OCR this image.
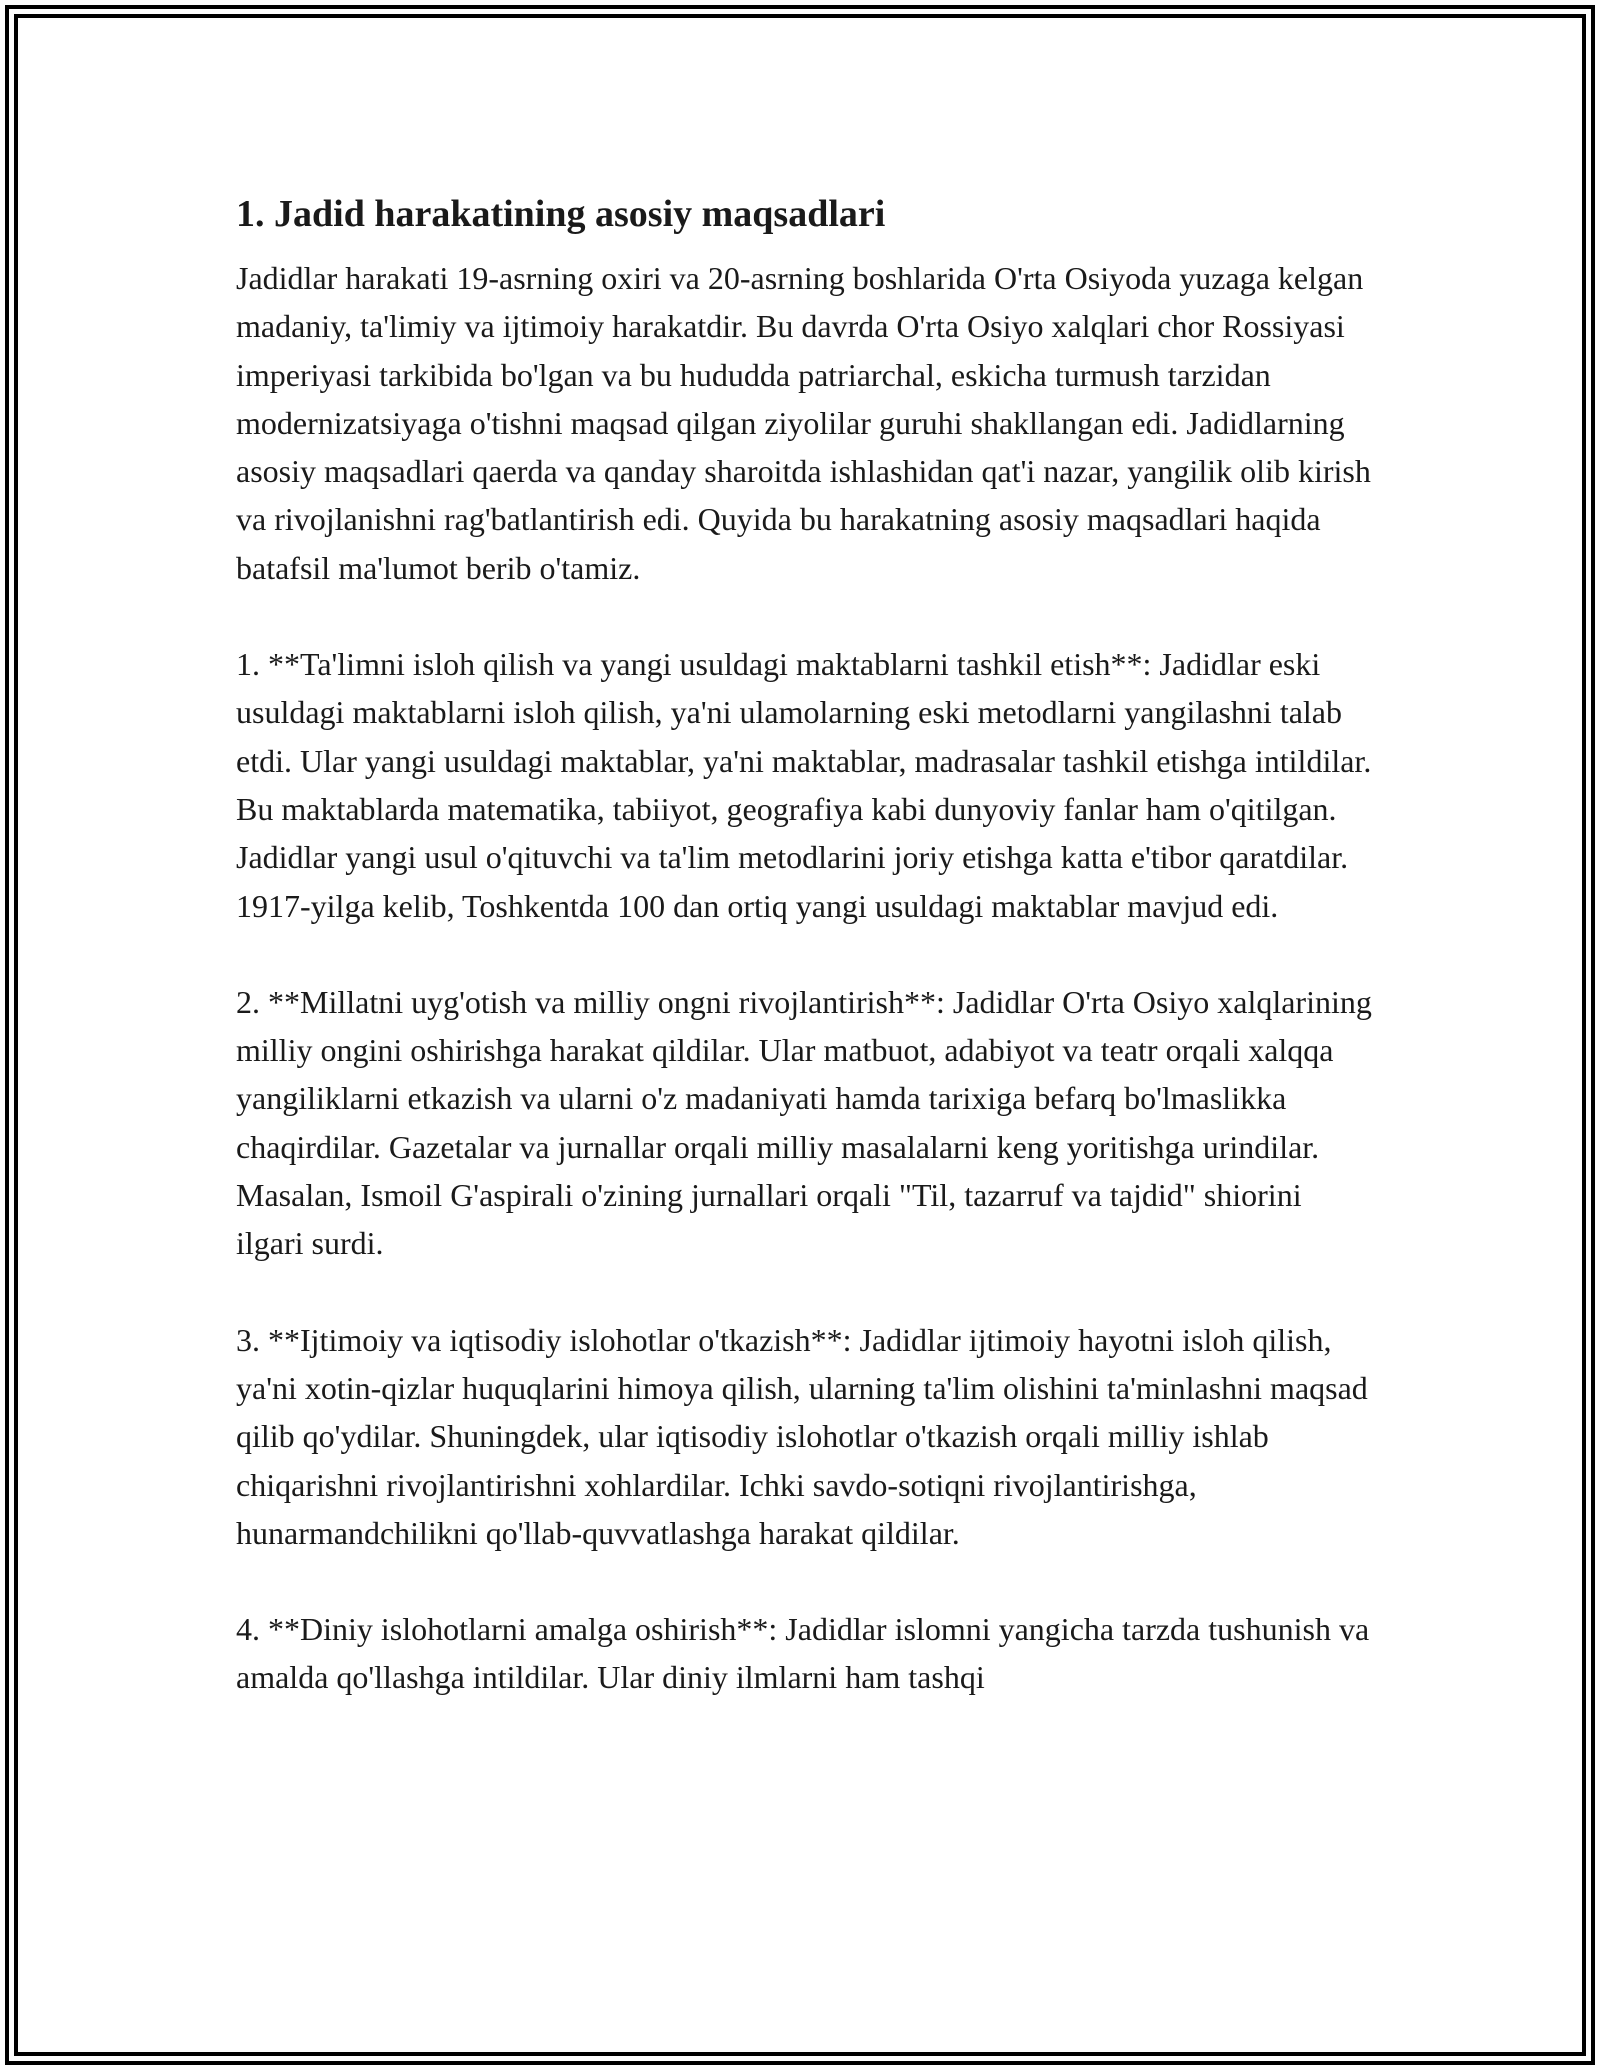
1. Jadid harakatining asosiy maqsadlari

Jadidlar harakati 19-asrning oxiri va 20-asrning boshlarida O'rta Osiyoda yuzaga kelgan madaniy, ta'limiy va ijtimoiy harakatdir. Bu davrda O'rta Osiyo xalqlari chor Rossiyasi imperiyasi tarkibida bo'lgan va bu hududda patriarchal, eskicha turmush tarzidan modernizatsiyaga o'tishni maqsad qilgan ziyolilar guruhi shakllangan edi. Jadidlarning asosiy maqsadlari qaerda va qanday sharoitda ishlashidan qat'i nazar, yangilik olib kirish va rivojlanishni rag'batlantirish edi. Quyida bu harakatning asosiy maqsadlari haqida batafsil ma'lumot berib o'tamiz.

1. **Ta'limni isloh qilish va yangi usuldagi maktablarni tashkil etish**: Jadidlar eski usuldagi maktablarni isloh qilish, ya'ni ulamolarning eski metodlarni yangilashni talab etdi. Ular yangi usuldagi maktablar, ya'ni maktablar, madrasalar tashkil etishga intildilar. Bu maktablarda matematika, tabiiyot, geografiya kabi dunyoviy fanlar ham o'qitilgan. Jadidlar yangi usul o'qituvchi va ta'lim metodlarini joriy etishga katta e'tibor qaratdilar. 1917-yilga kelib, Toshkentda 100 dan ortiq yangi usuldagi maktablar mavjud edi.

2. **Millatni uyg'otish va milliy ongni rivojlantirish**: Jadidlar O'rta Osiyo xalqlarining milliy ongini oshirishga harakat qildilar. Ular matbuot, adabiyot va teatr orqali xalqqa yangiliklarni etkazish va ularni o'z madaniyati hamda tarixiga befarq bo'lmaslikka chaqirdilar. Gazetalar va jurnallar orqali milliy masalalarni keng yoritishga urindilar. Masalan, Ismoil G'aspirali o'zining jurnallari orqali "Til, tazarruf va tajdid" shiorini ilgari surdi.

3. **Ijtimoiy va iqtisodiy islohotlar o'tkazish**: Jadidlar ijtimoiy hayotni isloh qilish, ya'ni xotin-qizlar huquqlarini himoya qilish, ularning ta'lim olishini ta'minlashni maqsad qilib qo'ydilar. Shuningdek, ular iqtisodiy islohotlar o'tkazish orqali milliy ishlab chiqarishni rivojlantirishni xohlardilar. Ichki savdo-sotiqni rivojlantirishga, hunarmandchilikni qo'llab-quvvatlashga harakat qildilar.

4. **Diniy islohotlarni amalga oshirish**: Jadidlar islomni yangicha tarzda tushunish va amalda qo'llashga intildilar. Ular diniy ilmlarni ham tashqi
